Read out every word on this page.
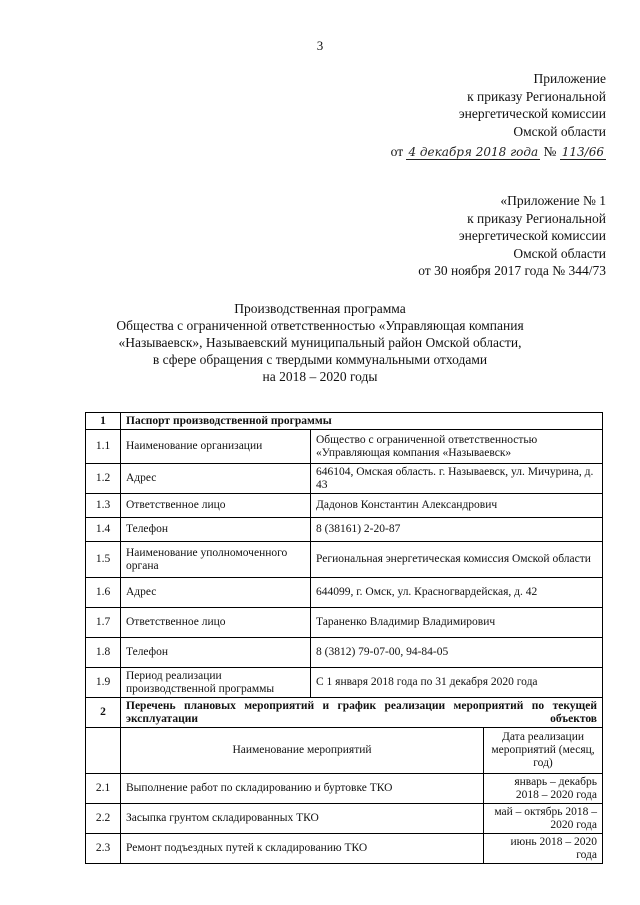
3
Приложение
к приказу Региональной
энергетической комиссии
Омской области
от 4 декабря 2018 года № 113/66
«Приложение № 1
к приказу Региональной
энергетической комиссии
Омской области
от 30 ноября 2017 года № 344/73
Производственная программа
Общества с ограниченной ответственностью «Управляющая компания
«Называевск», Называевский муниципальный район Омской области,
в сфере обращения с твердыми коммунальными отходами
на 2018 – 2020 годы
1	Паспорт производственной программы		
1.1	Наименование организации	Общество с ограниченной ответственностью «Управляющая компания «Называевск»	
1.2	Адрес	646104, Омская область. г. Называевск, ул. Мичурина, д. 43	
1.3	Ответственное лицо	Дадонов Константин Александрович	
1.4	Телефон	8 (38161) 2-20-87	
1.5	Наименование уполномоченного органа	Региональная энергетическая комиссия Омской области	
1.6	Адрес	644099, г. Омск, ул. Красногвардейская, д. 42	
1.7	Ответственное лицо	Тараненко Владимир Владимирович	
1.8	Телефон	8 (3812) 79-07-00, 94-84-05	
1.9	Период реализации производственной программы	С 1 января 2018 года по 31 декабря 2020 года	
2	Перечень плановых мероприятий и график реализации мероприятий по текущей эксплуатации объектов		
	Наименование мероприятий		Дата реализации мероприятий (месяц, год)
2.1	Выполнение работ по складированию и буртовке ТКО		январь – декабрь 2018 – 2020 года
2.2	Засыпка грунтом складированных ТКО		май – октябрь 2018 – 2020 года
2.3	Ремонт подъездных путей к складированию ТКО		июнь 2018 – 2020 года
